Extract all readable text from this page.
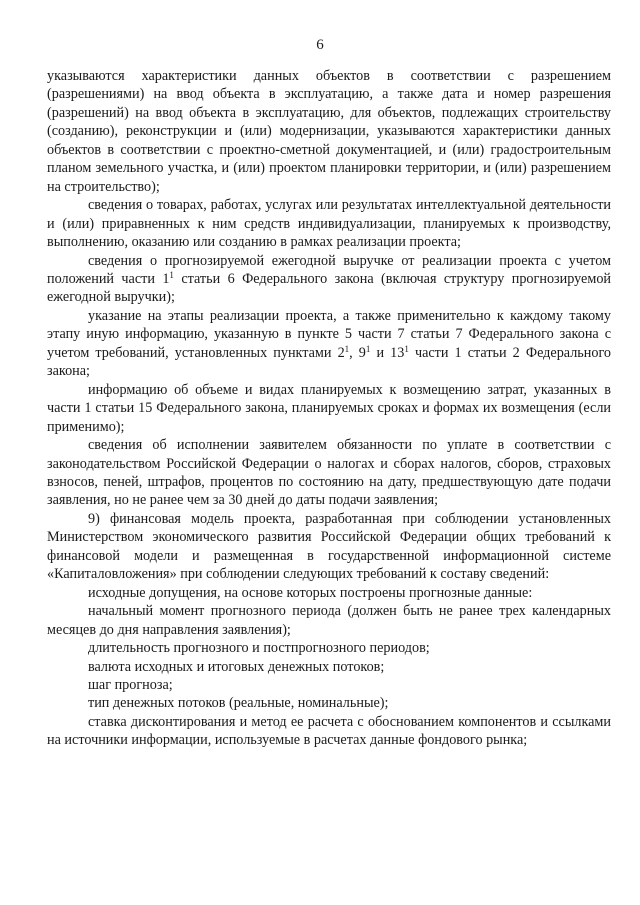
6

указываются характеристики данных объектов в соответствии с разрешением (разрешениями) на ввод объекта в эксплуатацию, а также дата и номер разрешения (разрешений) на ввод объекта в эксплуатацию, для объектов, подлежащих строительству (созданию), реконструкции и (или) модернизации, указываются характеристики данных объектов в соответствии с проектно-сметной документацией, и (или) градостроительным планом земельного участка, и (или) проектом планировки территории, и (или) разрешением на строительство);

сведения о товарах, работах, услугах или результатах интеллектуальной деятельности и (или) приравненных к ним средств индивидуализации, планируемых к производству, выполнению, оказанию или созданию в рамках реализации проекта;

сведения о прогнозируемой ежегодной выручке от реализации проекта с учетом положений части $1^1$ статьи 6 Федерального закона (включая структуру прогнозируемой ежегодной выручки);

указание на этапы реализации проекта, а также применительно к каждому такому этапу иную информацию, указанную в пункте 5 части 7 статьи 7 Федерального закона с учетом требований, установленных пунктами $2^1$, $9^1$ и $13^1$ части 1 статьи 2 Федерального закона;

информацию об объеме и видах планируемых к возмещению затрат, указанных в части 1 статьи 15 Федерального закона, планируемых сроках и формах их возмещения (если применимо);

сведения об исполнении заявителем обязанности по уплате в соответствии с законодательством Российской Федерации о налогах и сборах налогов, сборов, страховых взносов, пеней, штрафов, процентов по состоянию на дату, предшествующую дате подачи заявления, но не ранее чем за 30 дней до даты подачи заявления;

9) финансовая модель проекта, разработанная при соблюдении установленных Министерством экономического развития Российской Федерации общих требований к финансовой модели и размещенная в государственной информационной системе «Капиталовложения» при соблюдении следующих требований к составу сведений:

исходные допущения, на основе которых построены прогнозные данные:

начальный момент прогнозного периода (должен быть не ранее трех календарных месяцев до дня направления заявления);

длительность прогнозного и постпрогнозного периодов;

валюта исходных и итоговых денежных потоков;

шаг прогноза;

тип денежных потоков (реальные, номинальные);

ставка дисконтирования и метод ее расчета с обоснованием компонентов и ссылками на источники информации, используемые в расчетах данные фондового рынка;
